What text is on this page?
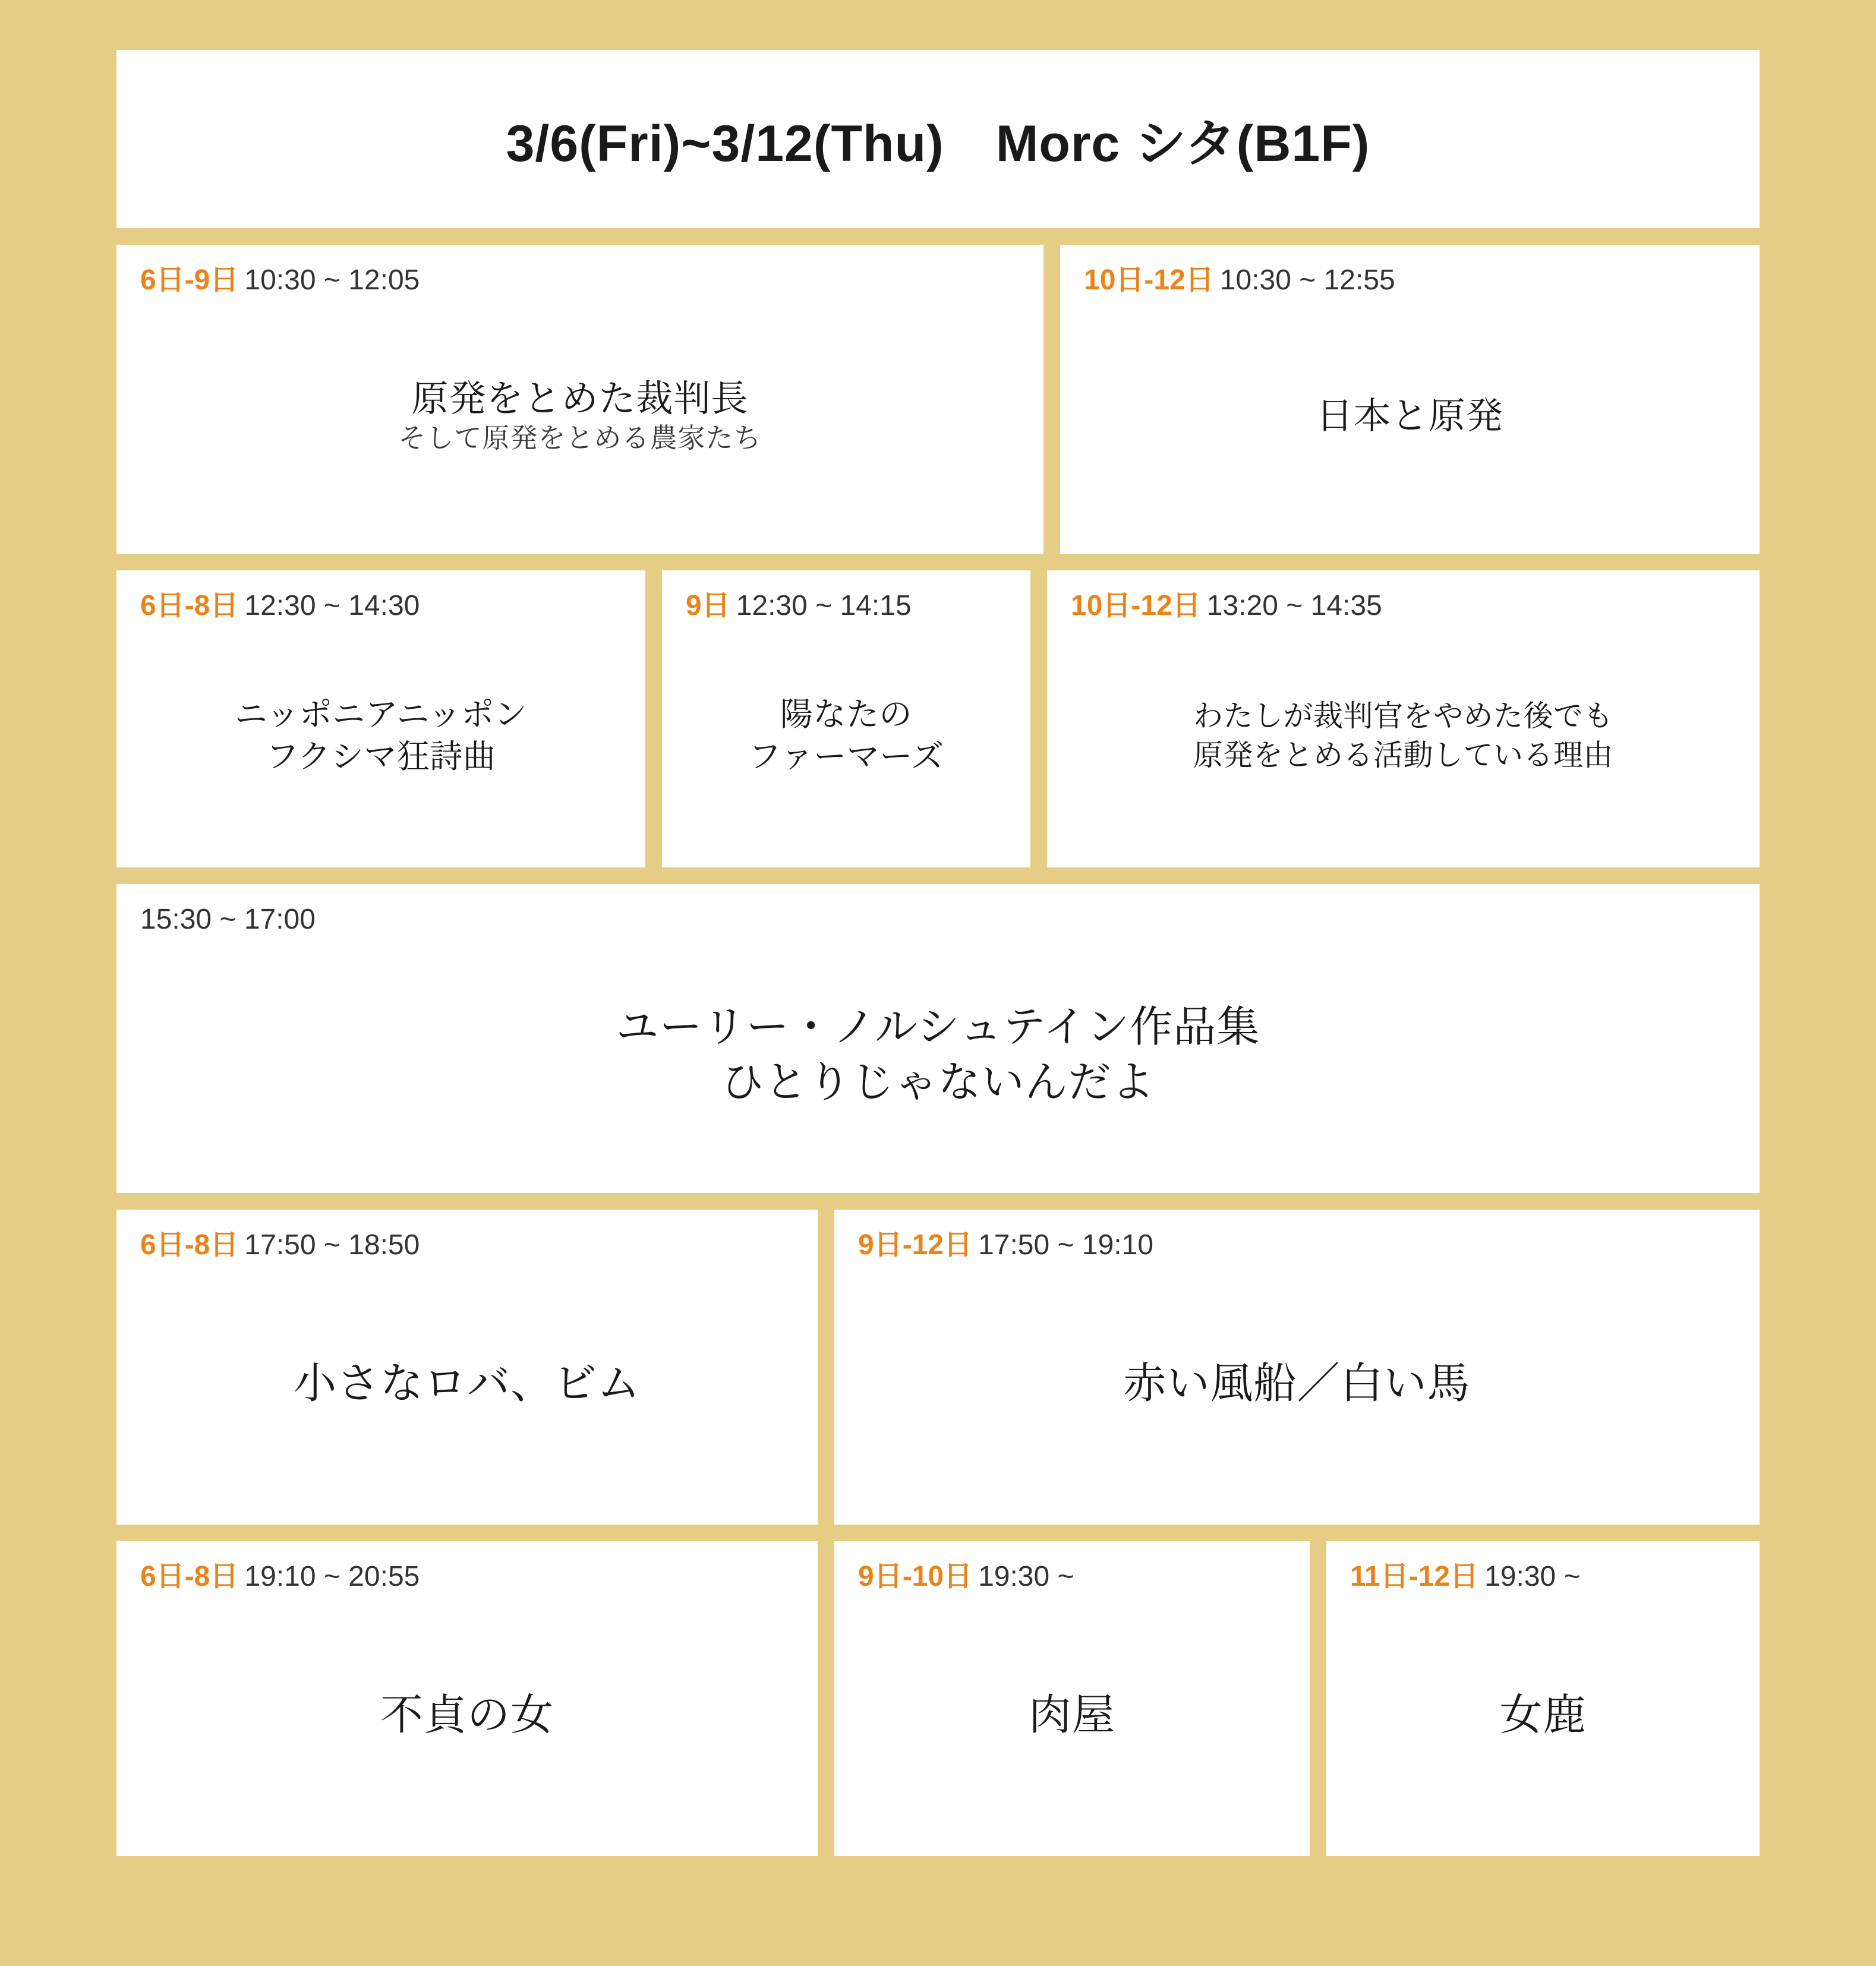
3/6(Fri)~3/12(Thu)　Morc シタ(B1F)
6日-9日 10:30 ~ 12:05
原発をとめた裁判長
そして原発をとめる農家たち
10日-12日 10:30 ~ 12:55
日本と原発
6日-8日 12:30 ~ 14:30
ニッポニアニッポン
フクシマ狂詩曲
9日 12:30 ~ 14:15
陽なたの
ファーマーズ
10日-12日 13:20 ~ 14:35
わたしが裁判官をやめた後でも
原発をとめる活動している理由
15:30 ~ 17:00
ユーリー・ノルシュテイン作品集
ひとりじゃないんだよ
6日-8日 17:50 ~ 18:50
小さなロバ、ビム
9日-12日 17:50 ~ 19:10
赤い風船／白い馬
6日-8日 19:10 ~ 20:55
不貞の女
9日-10日 19:30 ~
肉屋
11日-12日 19:30 ~
女鹿
